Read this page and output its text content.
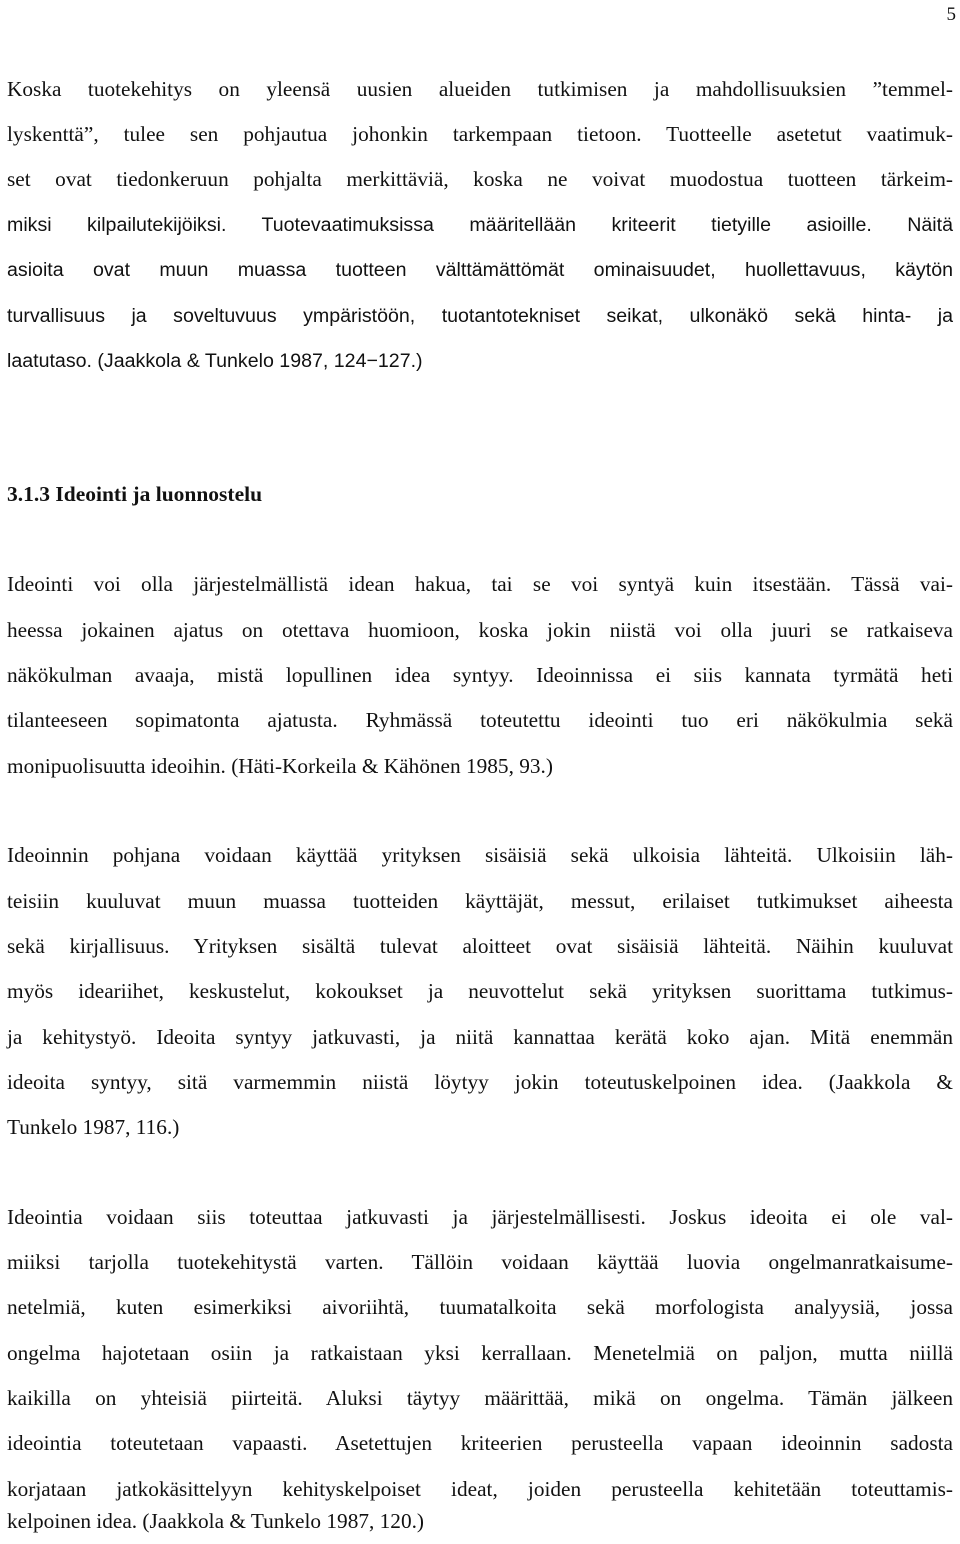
5
Koska tuotekehitys on yleensä uusien alueiden tutkimisen ja mahdollisuuksien ”temmel-
lyskenttä”, tulee sen pohjautua johonkin tarkempaan tietoon. Tuotteelle asetetut vaatimuk-
set ovat tiedonkeruun pohjalta merkittäviä, koska ne voivat muodostua tuotteen tärkeim-
miksi kilpailutekijöiksi. Tuotevaatimuksissa määritellään kriteerit tietyille asioille. Näitä
asioita ovat muun muassa tuotteen välttämättömät ominaisuudet, huollettavuus, käytön
turvallisuus ja soveltuvuus ympäristöön, tuotantotekniset seikat, ulkonäkö sekä hinta- ja
laatutaso. (Jaakkola & Tunkelo 1987, 124−127.)
3.1.3 Ideointi ja luonnostelu
Ideointi voi olla järjestelmällistä idean hakua, tai se voi syntyä kuin itsestään. Tässä vai-
heessa jokainen ajatus on otettava huomioon, koska jokin niistä voi olla juuri se ratkaiseva
näkökulman avaaja, mistä lopullinen idea syntyy. Ideoinnissa ei siis kannata tyrmätä heti
tilanteeseen sopimatonta ajatusta. Ryhmässä toteutettu ideointi tuo eri näkökulmia sekä
monipuolisuutta ideoihin. (Häti-Korkeila & Kähönen 1985, 93.)
Ideoinnin pohjana voidaan käyttää yrityksen sisäisiä sekä ulkoisia lähteitä. Ulkoisiin läh-
teisiin kuuluvat muun muassa tuotteiden käyttäjät, messut, erilaiset tutkimukset aiheesta
sekä kirjallisuus. Yrityksen sisältä tulevat aloitteet ovat sisäisiä lähteitä. Näihin kuuluvat
myös ideariihet, keskustelut, kokoukset ja neuvottelut sekä yrityksen suorittama tutkimus-
ja kehitystyö. Ideoita syntyy jatkuvasti, ja niitä kannattaa kerätä koko ajan. Mitä enemmän
ideoita syntyy, sitä varmemmin niistä löytyy jokin toteutuskelpoinen idea. (Jaakkola &
Tunkelo 1987, 116.)
Ideointia voidaan siis toteuttaa jatkuvasti ja järjestelmällisesti. Joskus ideoita ei ole val-
miiksi tarjolla tuotekehitystä varten. Tällöin voidaan käyttää luovia ongelmanratkaisume-
netelmiä, kuten esimerkiksi aivoriihtä, tuumatalkoita sekä morfologista analyysiä, jossa
ongelma hajotetaan osiin ja ratkaistaan yksi kerrallaan. Menetelmiä on paljon, mutta niillä
kaikilla on yhteisiä piirteitä. Aluksi täytyy määrittää, mikä on ongelma. Tämän jälkeen
ideointia toteutetaan vapaasti. Asetettujen kriteerien perusteella vapaan ideoinnin sadosta
korjataan jatkokäsittelyyn kehityskelpoiset ideat, joiden perusteella kehitetään toteuttamis-
kelpoinen idea. (Jaakkola & Tunkelo 1987, 120.)
